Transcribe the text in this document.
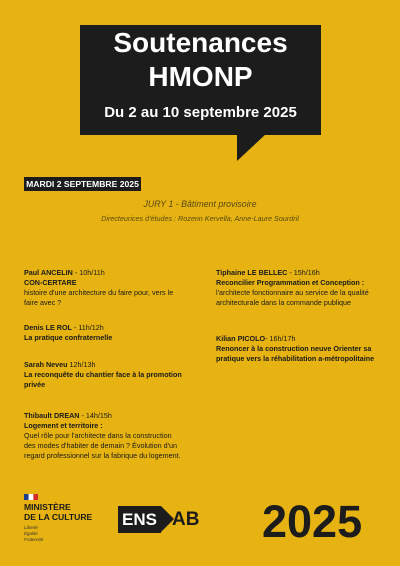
Soutenances
HMONP
Du 2 au 10 septembre 2025
MARDI 2 SEPTEMBRE 2025
JURY 1 - Bâtiment provisoire
Directeurices d'études : Rozenn Kervella, Anne-Laure Sourdril
Paul ANCELIN - 10h/11h
CON-CERTARE
histoire d'une architecture du faire pour, vers le faire avec ?
Denis LE ROL - 11h/12h
La pratique confraternelle
Sarah Neveu 12h/13h
La reconquête du chantier face à la promotion privée
Thibault DREAN - 14h/15h
Logement et territoire :
Quel rôle pour l'architecte dans la construction des modes d'habiter de demain ? Évolution d'un regard professionnel sur la fabrique du logement.
Tiphaine LE BELLEC - 15h/16h
Reconcilier Programmation et Conception :
l'architecte fonctionnaire au service de la qualité architecturale dans la commande publique
Kilian PICOLO- 16h/17h
Renoncer à la construction neuve Orienter sa pratique vers la réhabilitation a-métropolitaine
MINISTÈRE
DE LA CULTURE
Liberté
Égalité
Fraternité
ENS AB 2025
